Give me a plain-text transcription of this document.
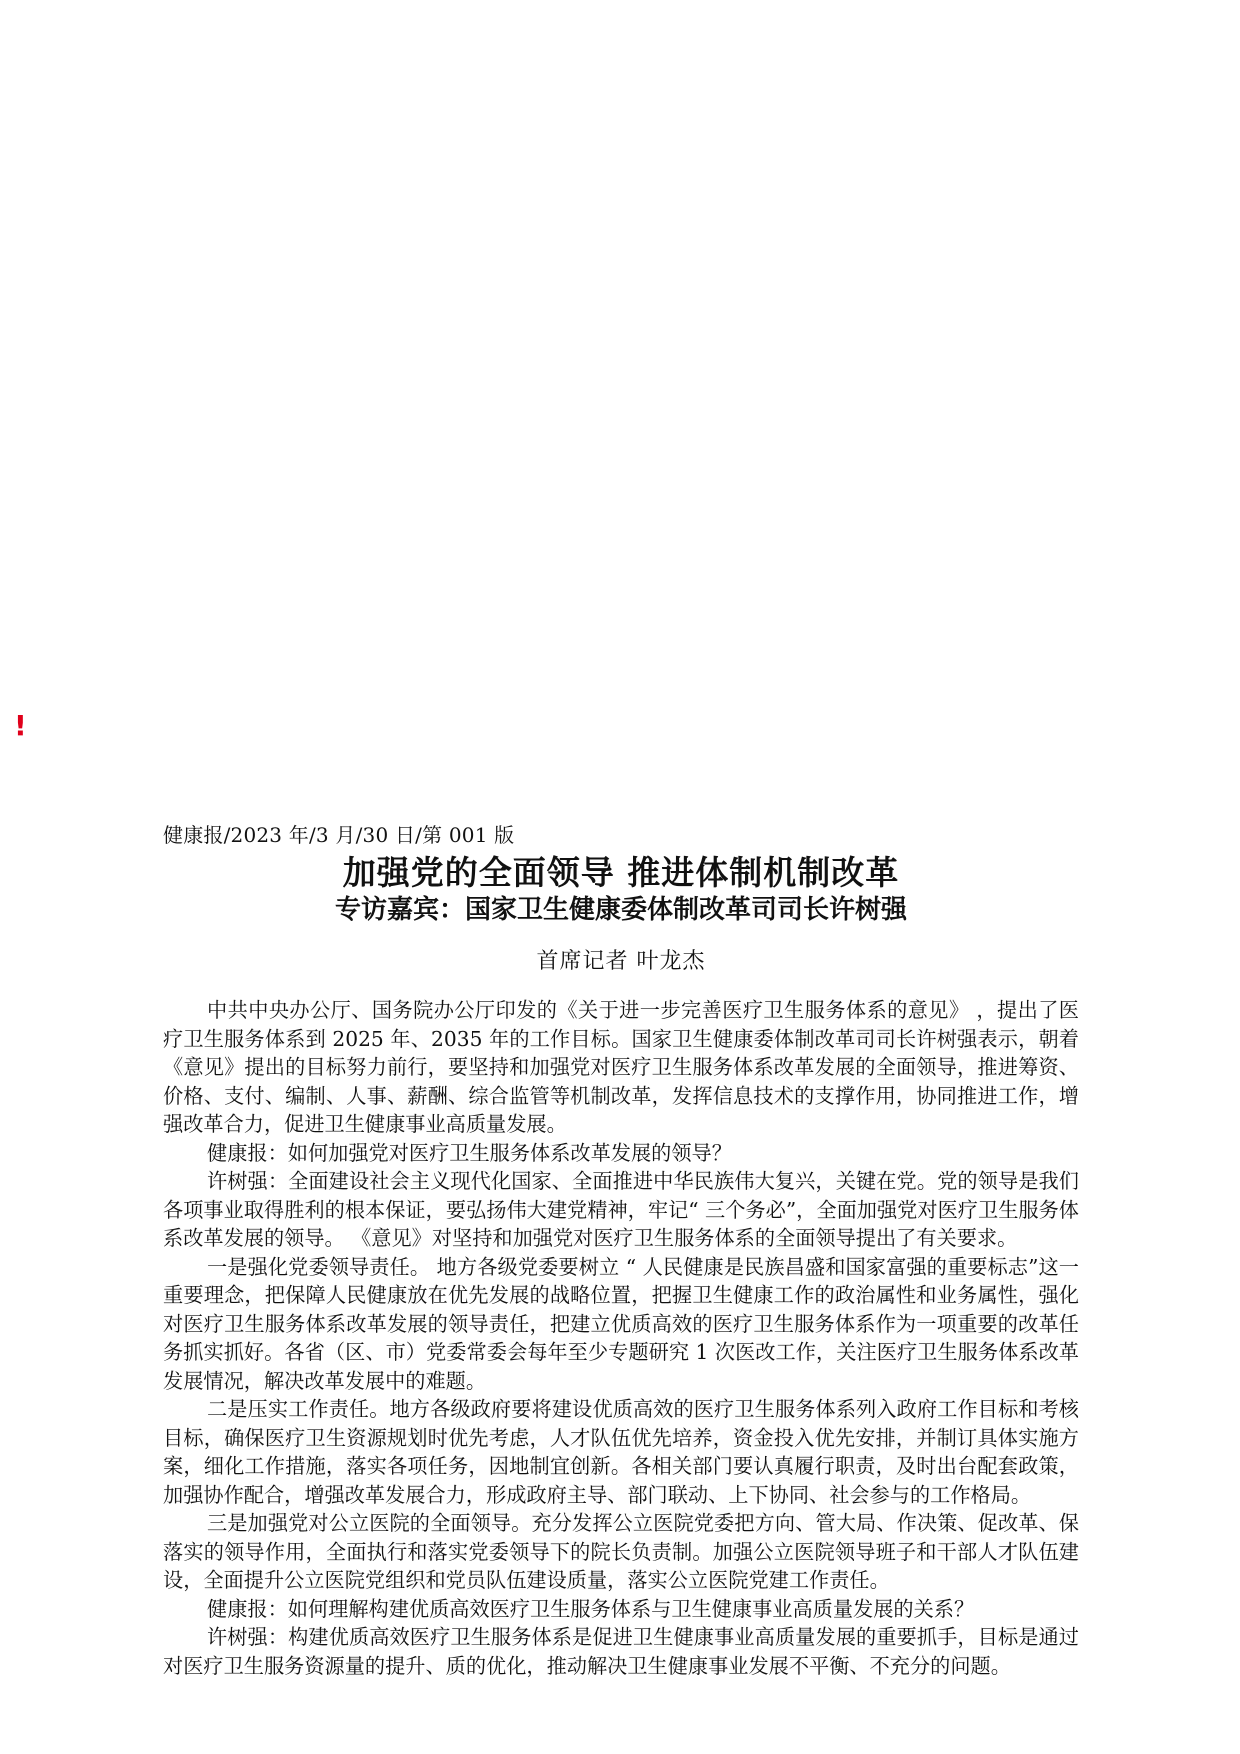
!
健康报/2023 年/3 月/30 日/第 001 版
加强党的全面领导 推进体制机制改革
专访嘉宾：国家卫生健康委体制改革司司长许树强
首席记者 叶龙杰

中共中央办公厅、国务院办公厅印发的《关于进一步完善医疗卫生服务体系的意见》 ，提出了医疗卫生服务体系到 2025 年、2035 年的工作目标。国家卫生健康委体制改革司司长许树强表示，朝着《意见》提出的目标努力前行，要坚持和加强党对医疗卫生服务体系改革发展的全面领导，推进筹资、价格、支付、编制、人事、薪酬、综合监管等机制改革，发挥信息技术的支撑作用，协同推进工作，增强改革合力，促进卫生健康事业高质量发展。

健康报：如何加强党对医疗卫生服务体系改革发展的领导？

许树强：全面建设社会主义现代化国家、全面推进中华民族伟大复兴，关键在党。党的领导是我们各项事业取得胜利的根本保证，要弘扬伟大建党精神，牢记“ 三个务必”，全面加强党对医疗卫生服务体系改革发展的领导。 《意见》对坚持和加强党对医疗卫生服务体系的全面领导提出了有关要求。

一是强化党委领导责任。 地方各级党委要树立 “ 人民健康是民族昌盛和国家富强的重要标志”这一重要理念，把保障人民健康放在优先发展的战略位置，把握卫生健康工作的政治属性和业务属性，强化对医疗卫生服务体系改革发展的领导责任，把建立优质高效的医疗卫生服务体系作为一项重要的改革任务抓实抓好。各省（区、市）党委常委会每年至少专题研究 1 次医改工作，关注医疗卫生服务体系改革发展情况，解决改革发展中的难题。

二是压实工作责任。地方各级政府要将建设优质高效的医疗卫生服务体系列入政府工作目标和考核目标，确保医疗卫生资源规划时优先考虑，人才队伍优先培养，资金投入优先安排，并制订具体实施方案，细化工作措施，落实各项任务，因地制宜创新。各相关部门要认真履行职责，及时出台配套政策，加强协作配合，增强改革发展合力，形成政府主导、部门联动、上下协同、社会参与的工作格局。

三是加强党对公立医院的全面领导。充分发挥公立医院党委把方向、管大局、作决策、促改革、保落实的领导作用，全面执行和落实党委领导下的院长负责制。加强公立医院领导班子和干部人才队伍建设，全面提升公立医院党组织和党员队伍建设质量，落实公立医院党建工作责任。

健康报：如何理解构建优质高效医疗卫生服务体系与卫生健康事业高质量发展的关系？

许树强：构建优质高效医疗卫生服务体系是促进卫生健康事业高质量发展的重要抓手，目标是通过对医疗卫生服务资源量的提升、质的优化，推动解决卫生健康事业发展不平衡、不充分的问题。
